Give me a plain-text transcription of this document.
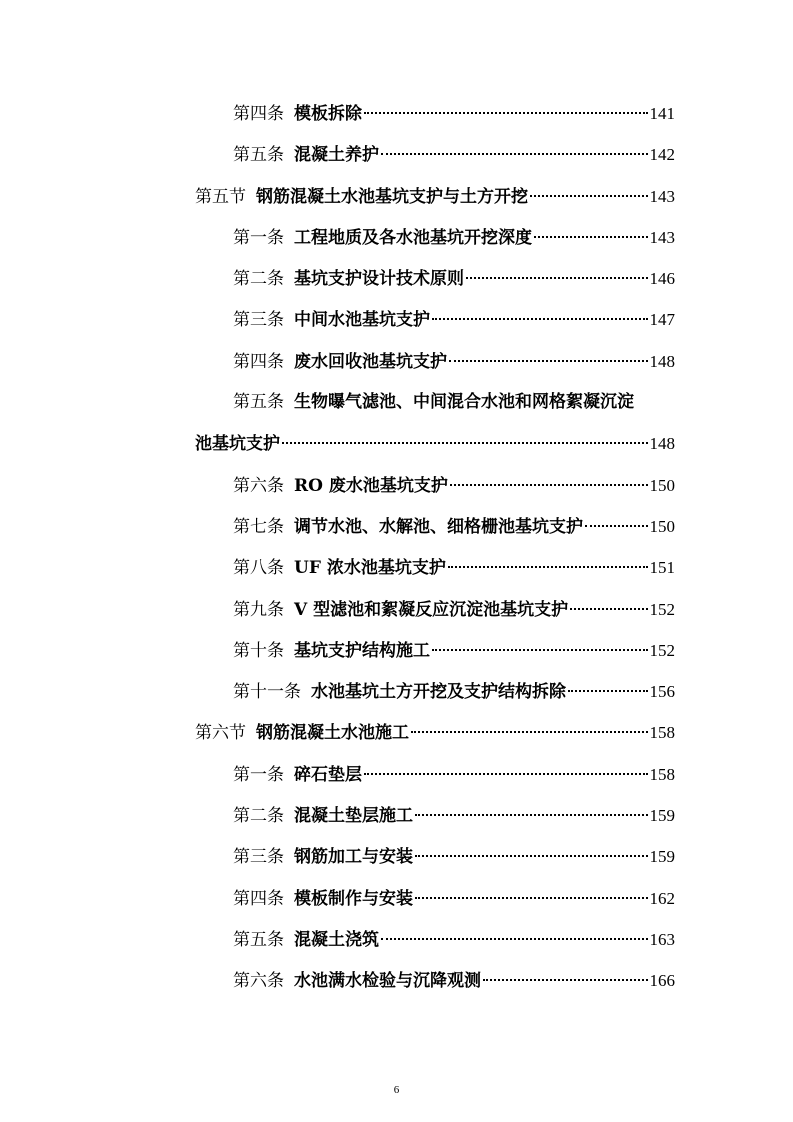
第四条 模板拆除	141
第五条 混凝土养护	142
第五节 钢筋混凝土水池基坑支护与土方开挖	143
第一条 工程地质及各水池基坑开挖深度	143
第二条 基坑支护设计技术原则	146
第三条 中间水池基坑支护	147
第四条 废水回收池基坑支护	148
第五条 生物曝气滤池、中间混合水池和网格絮凝沉淀
池基坑支护	148
第六条 RO 废水池基坑支护	150
第七条 调节水池、水解池、细格栅池基坑支护	150
第八条 UF 浓水池基坑支护	151
第九条 V 型滤池和絮凝反应沉淀池基坑支护	152
第十条 基坑支护结构施工	152
第十一条 水池基坑土方开挖及支护结构拆除	156
第六节 钢筋混凝土水池施工	158
第一条 碎石垫层	158
第二条 混凝土垫层施工	159
第三条 钢筋加工与安装	159
第四条 模板制作与安装	162
第五条 混凝土浇筑	163
第六条 水池满水检验与沉降观测	166
6
